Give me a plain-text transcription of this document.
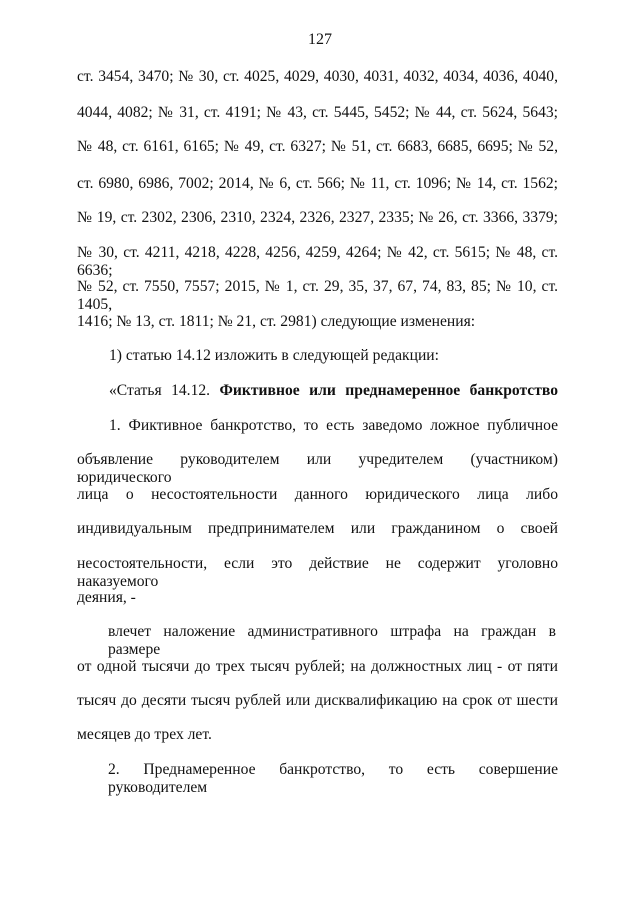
127
ст. 3454, 3470; № 30, ст. 4025, 4029, 4030, 4031, 4032, 4034, 4036, 4040,
4044, 4082; № 31, ст. 4191; № 43, ст. 5445, 5452; № 44, ст. 5624, 5643;
№ 48, ст. 6161, 6165; № 49, ст. 6327; № 51, ст. 6683, 6685, 6695; № 52,
ст. 6980, 6986, 7002; 2014, № 6, ст. 566; № 11, ст. 1096; № 14, ст. 1562;
№ 19, ст. 2302, 2306, 2310, 2324, 2326, 2327, 2335; № 26, ст. 3366, 3379;
№ 30, ст. 4211, 4218, 4228, 4256, 4259, 4264; № 42, ст. 5615; № 48, ст. 6636;
№ 52, ст. 7550, 7557; 2015, № 1, ст. 29, 35, 37, 67, 74, 83, 85; № 10, ст. 1405,
1416; № 13, ст. 1811; № 21, ст. 2981) следующие изменения:
1) статью 14.12 изложить в следующей редакции:
«Статья 14.12. Фиктивное или преднамеренное банкротство
1. Фиктивное банкротство, то есть заведомо ложное публичное
объявление руководителем или учредителем (участником) юридического
лица о несостоятельности данного юридического лица либо
индивидуальным предпринимателем или гражданином о своей
несостоятельности, если это действие не содержит уголовно наказуемого
деяния, -
влечет наложение административного штрафа на граждан в размере
от одной тысячи до трех тысяч рублей; на должностных лиц - от пяти
тысяч до десяти тысяч рублей или дисквалификацию на срок от шести
месяцев до трех лет.
2. Преднамеренное банкротство, то есть совершение руководителем
